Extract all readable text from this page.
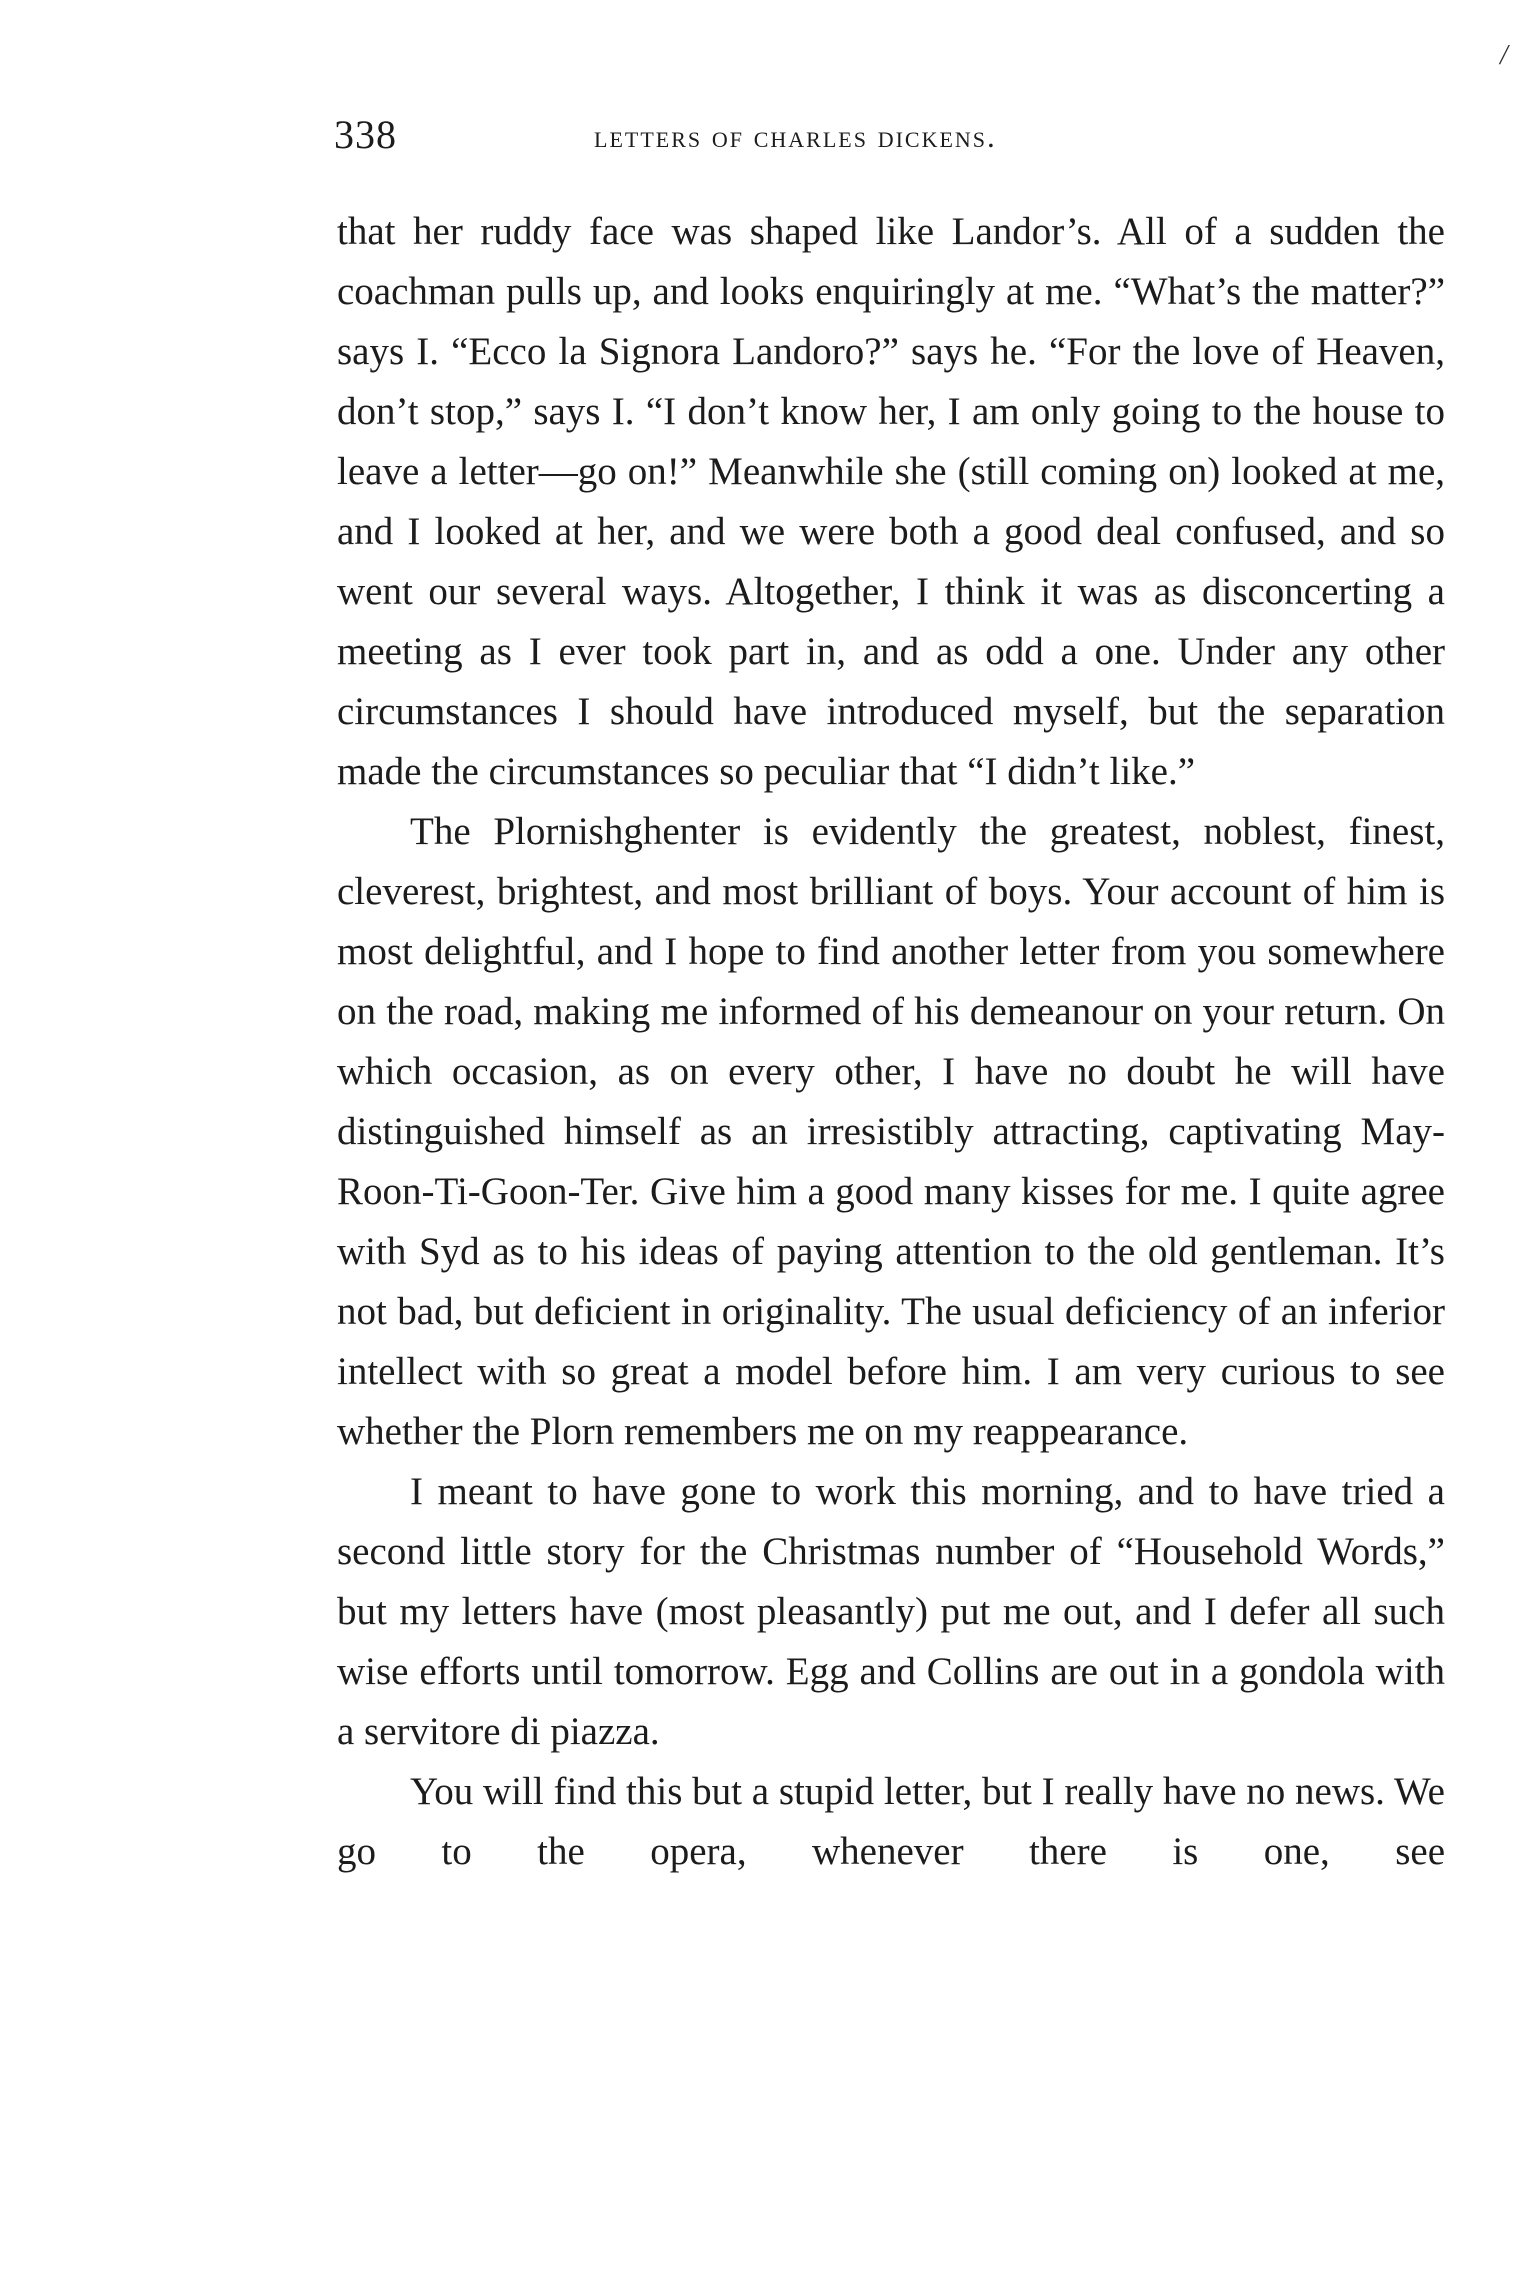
/
338	letters of charles dickens.

that her ruddy face was shaped like Landor’s. All of a sudden the coachman pulls up, and looks enquiringly at me. “What’s the matter?” says I. “Ecco la Signora Landoro?” says he. “For the love of Heaven, don’t stop,” says I. “I don’t know her, I am only going to the house to leave a letter—go on!” Meanwhile she (still coming on) looked at me, and I looked at her, and we were both a good deal confused, and so went our several ways. Altogether, I think it was as disconcerting a meeting as I ever took part in, and as odd a one. Under any other circumstances I should have introduced myself, but the separation made the circumstances so peculiar that “I didn’t like.”

The Plornishghenter is evidently the greatest, noblest, finest, cleverest, brightest, and most brilliant of boys. Your account of him is most delightful, and I hope to find another letter from you somewhere on the road, making me informed of his demeanour on your return. On which occasion, as on every other, I have no doubt he will have distinguished himself as an irresistibly attracting, captivating May-Roon-Ti-Goon-Ter. Give him a good many kisses for me. I quite agree with Syd as to his ideas of paying attention to the old gentleman. It’s not bad, but deficient in originality. The usual deficiency of an inferior intellect with so great a model before him. I am very curious to see whether the Plorn remembers me on my reappearance.

I meant to have gone to work this morning, and to have tried a second little story for the Christmas number of “Household Words,” but my letters have (most pleasantly) put me out, and I defer all such wise efforts until tomorrow. Egg and Collins are out in a gondola with a servitore di piazza.

You will find this but a stupid letter, but I really have no news. We go to the opera, whenever there is one, see
